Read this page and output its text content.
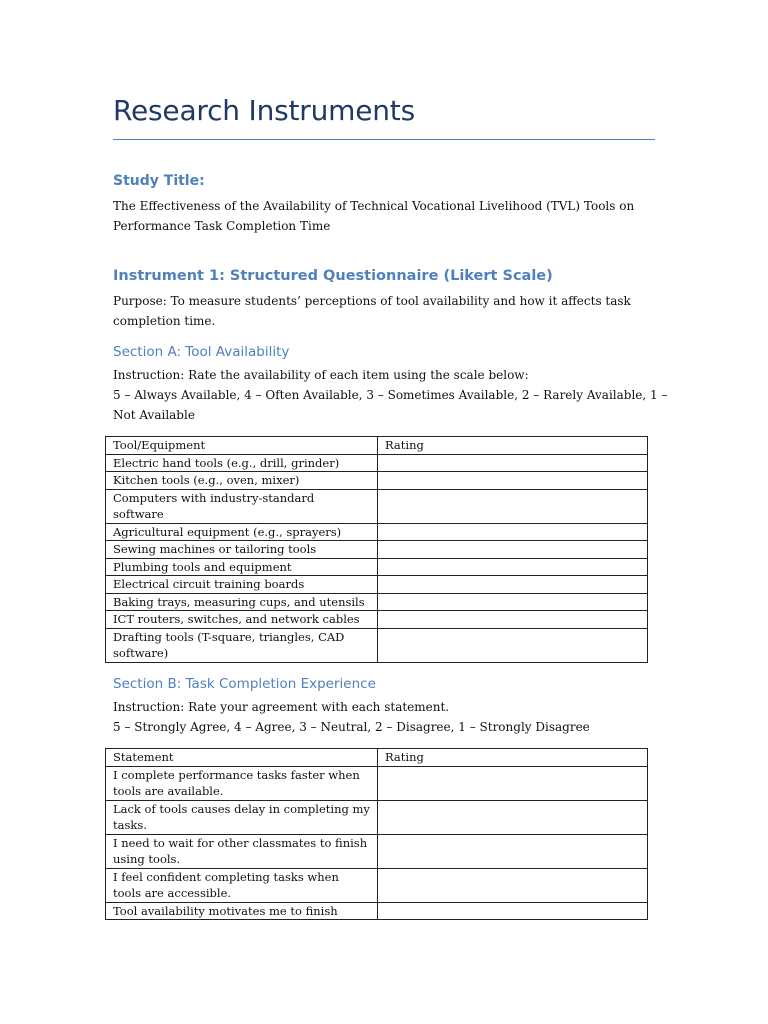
Research Instruments
Study Title:
The Effectiveness of the Availability of Technical Vocational Livelihood (TVL) Tools on
Performance Task Completion Time
Instrument 1: Structured Questionnaire (Likert Scale)
Purpose: To measure students’ perceptions of tool availability and how it affects task
completion time.
Section A: Tool Availability
Instruction: Rate the availability of each item using the scale below:
5 – Always Available, 4 – Often Available, 3 – Sometimes Available, 2 – Rarely Available, 1 –
Not Available
Tool/Equipment	Rating

Electric hand tools (e.g., drill, grinder)	

Kitchen tools (e.g., oven, mixer)	

Computers with industry-standard
software	

Agricultural equipment (e.g., sprayers)	

Sewing machines or tailoring tools	

Plumbing tools and equipment	

Electrical circuit training boards	

Baking trays, measuring cups, and utensils	

ICT routers, switches, and network cables	

Drafting tools (T-square, triangles, CAD
software)	

Section B: Task Completion Experience
Instruction: Rate your agreement with each statement.
5 – Strongly Agree, 4 – Agree, 3 – Neutral, 2 – Disagree, 1 – Strongly Disagree
Statement	Rating

I complete performance tasks faster when
tools are available.	

Lack of tools causes delay in completing my
tasks.	

I need to wait for other classmates to finish
using tools.	

I feel confident completing tasks when
tools are accessible.	

Tool availability motivates me to finish	
